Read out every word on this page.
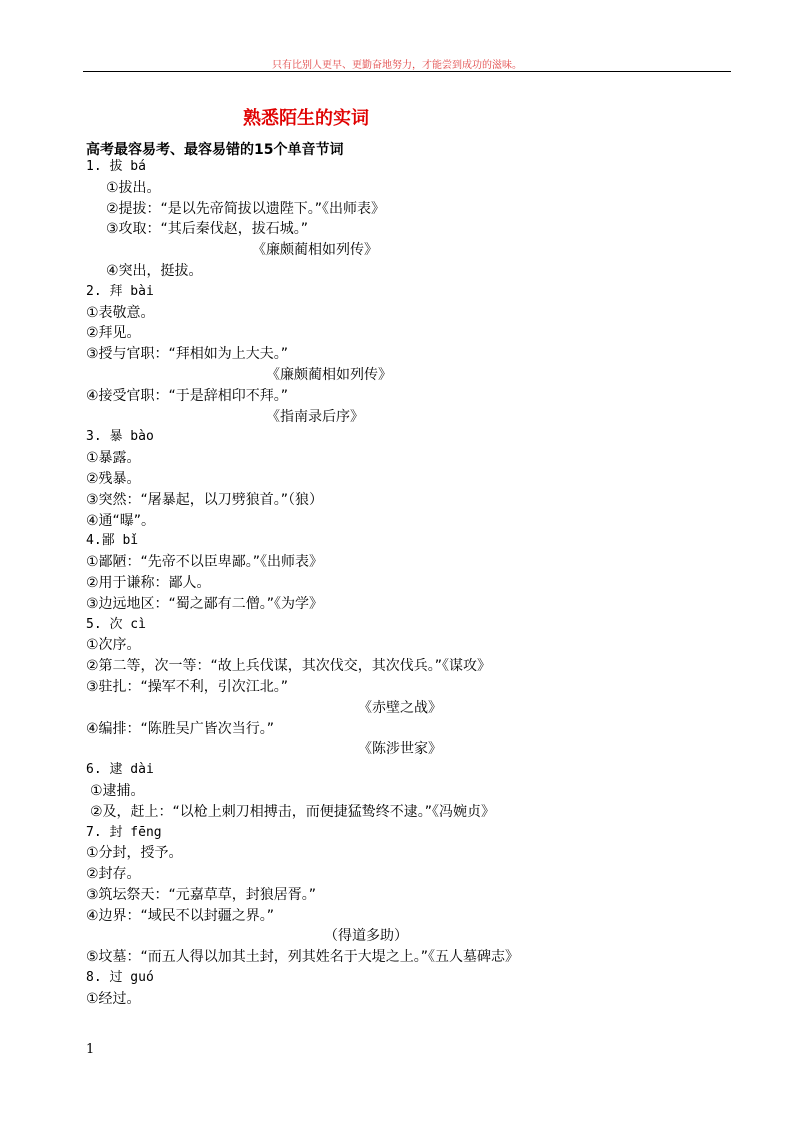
只有比别人更早、更勤奋地努力，才能尝到成功的滋味。
熟悉陌生的实词
高考最容易考、最容易错的15个单音节词
1. 拔 bá
①拔出。
②提拔：“是以先帝简拔以遗陛下。”《出师表》
③攻取：“其后秦伐赵，拔石城。”
《廉颇蔺相如列传》
④突出，挺拔。
2. 拜 bài
①表敬意。
②拜见。
③授与官职：“拜相如为上大夫。”
《廉颇蔺相如列传》
④接受官职：“于是辞相印不拜。”
《指南录后序》
3. 暴 bào
①暴露。
②残暴。
③突然：“屠暴起，以刀劈狼首。”（狼）
④通“曝”。
4.鄙 bǐ
①鄙陋：“先帝不以臣卑鄙。”《出师表》
②用于谦称：鄙人。
③边远地区：“蜀之鄙有二僧。”《为学》
5. 次 cì
①次序。
②第二等，次一等：“故上兵伐谋，其次伐交，其次伐兵。”《谋攻》
③驻扎：“操军不利，引次江北。”
《赤壁之战》
④编排：“陈胜吴广皆次当行。”
《陈涉世家》
6. 逮 dài
①逮捕。
②及，赶上：“以枪上刺刀相搏击，而便捷猛鸷终不逮。”《冯婉贞》
7. 封 fēng
①分封，授予。
②封存。
③筑坛祭天：“元嘉草草，封狼居胥。”
④边界：“域民不以封疆之界。”
（得道多助）
⑤坟墓：“而五人得以加其土封，列其姓名于大堤之上。”《五人墓碑志》
8. 过 guó
①经过。
1
